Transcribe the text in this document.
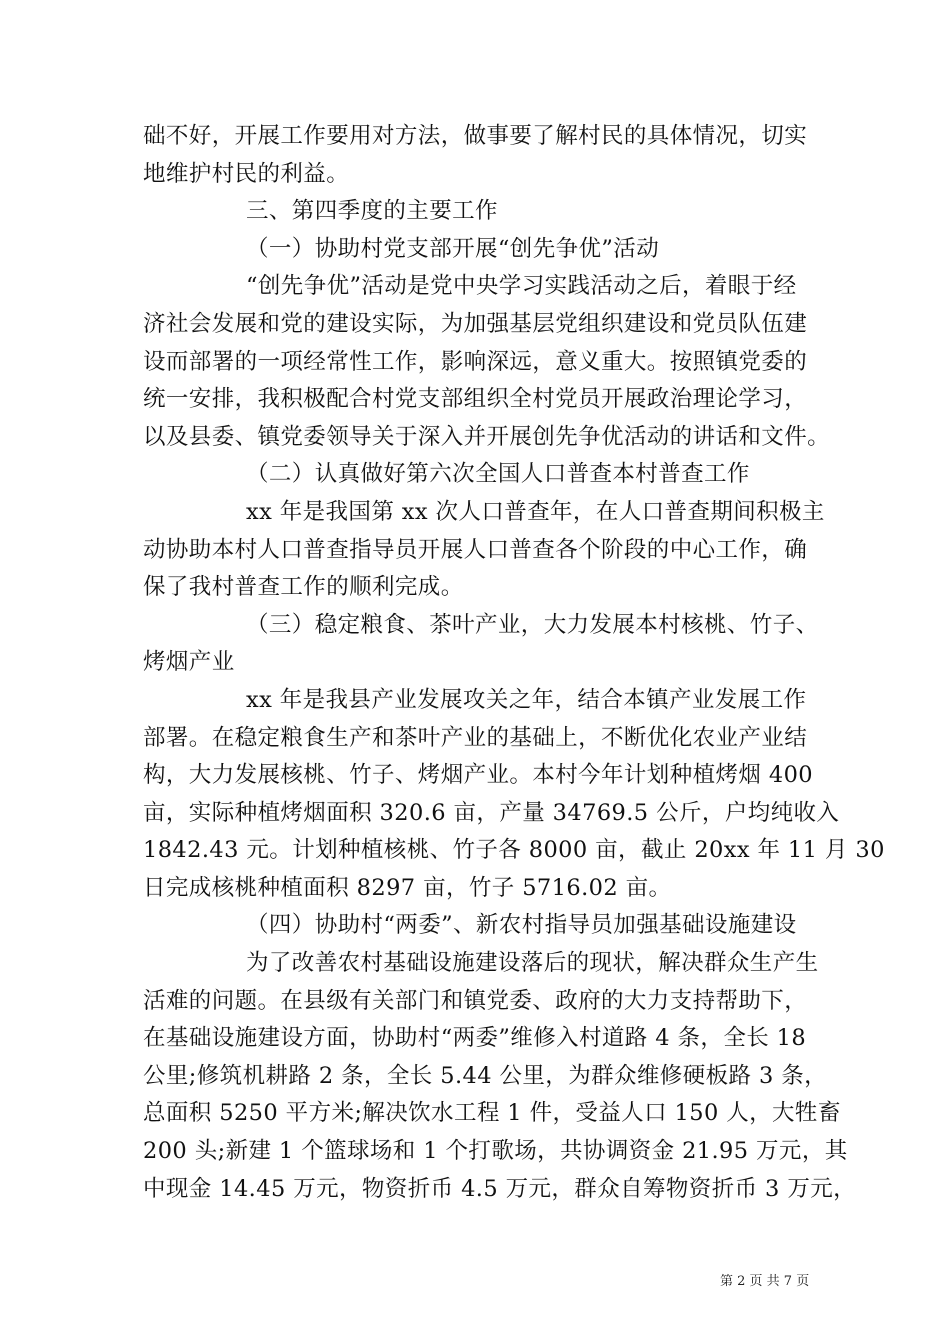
础不好，开展工作要用对方法，做事要了解村民的具体情况，切实
地维护村民的利益。
三、第四季度的主要工作
（一）协助村党支部开展“创先争优”活动
“创先争优”活动是党中央学习实践活动之后，着眼于经
济社会发展和党的建设实际，为加强基层党组织建设和党员队伍建
设而部署的一项经常性工作，影响深远，意义重大。按照镇党委的
统一安排，我积极配合村党支部组织全村党员开展政治理论学习，
以及县委、镇党委领导关于深入并开展创先争优活动的讲话和文件。
（二）认真做好第六次全国人口普查本村普查工作
xx 年是我国第 xx 次人口普查年，在人口普查期间积极主
动协助本村人口普查指导员开展人口普查各个阶段的中心工作，确
保了我村普查工作的顺利完成。
（三）稳定粮食、茶叶产业，大力发展本村核桃、竹子、
烤烟产业
xx 年是我县产业发展攻关之年，结合本镇产业发展工作
部署。在稳定粮食生产和茶叶产业的基础上，不断优化农业产业结
构，大力发展核桃、竹子、烤烟产业。本村今年计划种植烤烟 400
亩，实际种植烤烟面积 320.6 亩，产量 34769.5 公斤，户均纯收入
1842.43 元。计划种植核桃、竹子各 8000 亩，截止 20xx 年 11 月 30
日完成核桃种植面积 8297 亩，竹子 5716.02 亩。
（四）协助村“两委”、新农村指导员加强基础设施建设
为了改善农村基础设施建设落后的现状，解决群众生产生
活难的问题。在县级有关部门和镇党委、政府的大力支持帮助下，
在基础设施建设方面，协助村“两委”维修入村道路 4 条，全长 18
公里;修筑机耕路 2 条，全长 5.44 公里，为群众维修硬板路 3 条，
总面积 5250 平方米;解决饮水工程 1 件，受益人口 150 人，大牲畜
200 头;新建 1 个篮球场和 1 个打歌场，共协调资金 21.95 万元，其
中现金 14.45 万元，物资折币 4.5 万元，群众自筹物资折币 3 万元，
第 2 页 共 7 页
